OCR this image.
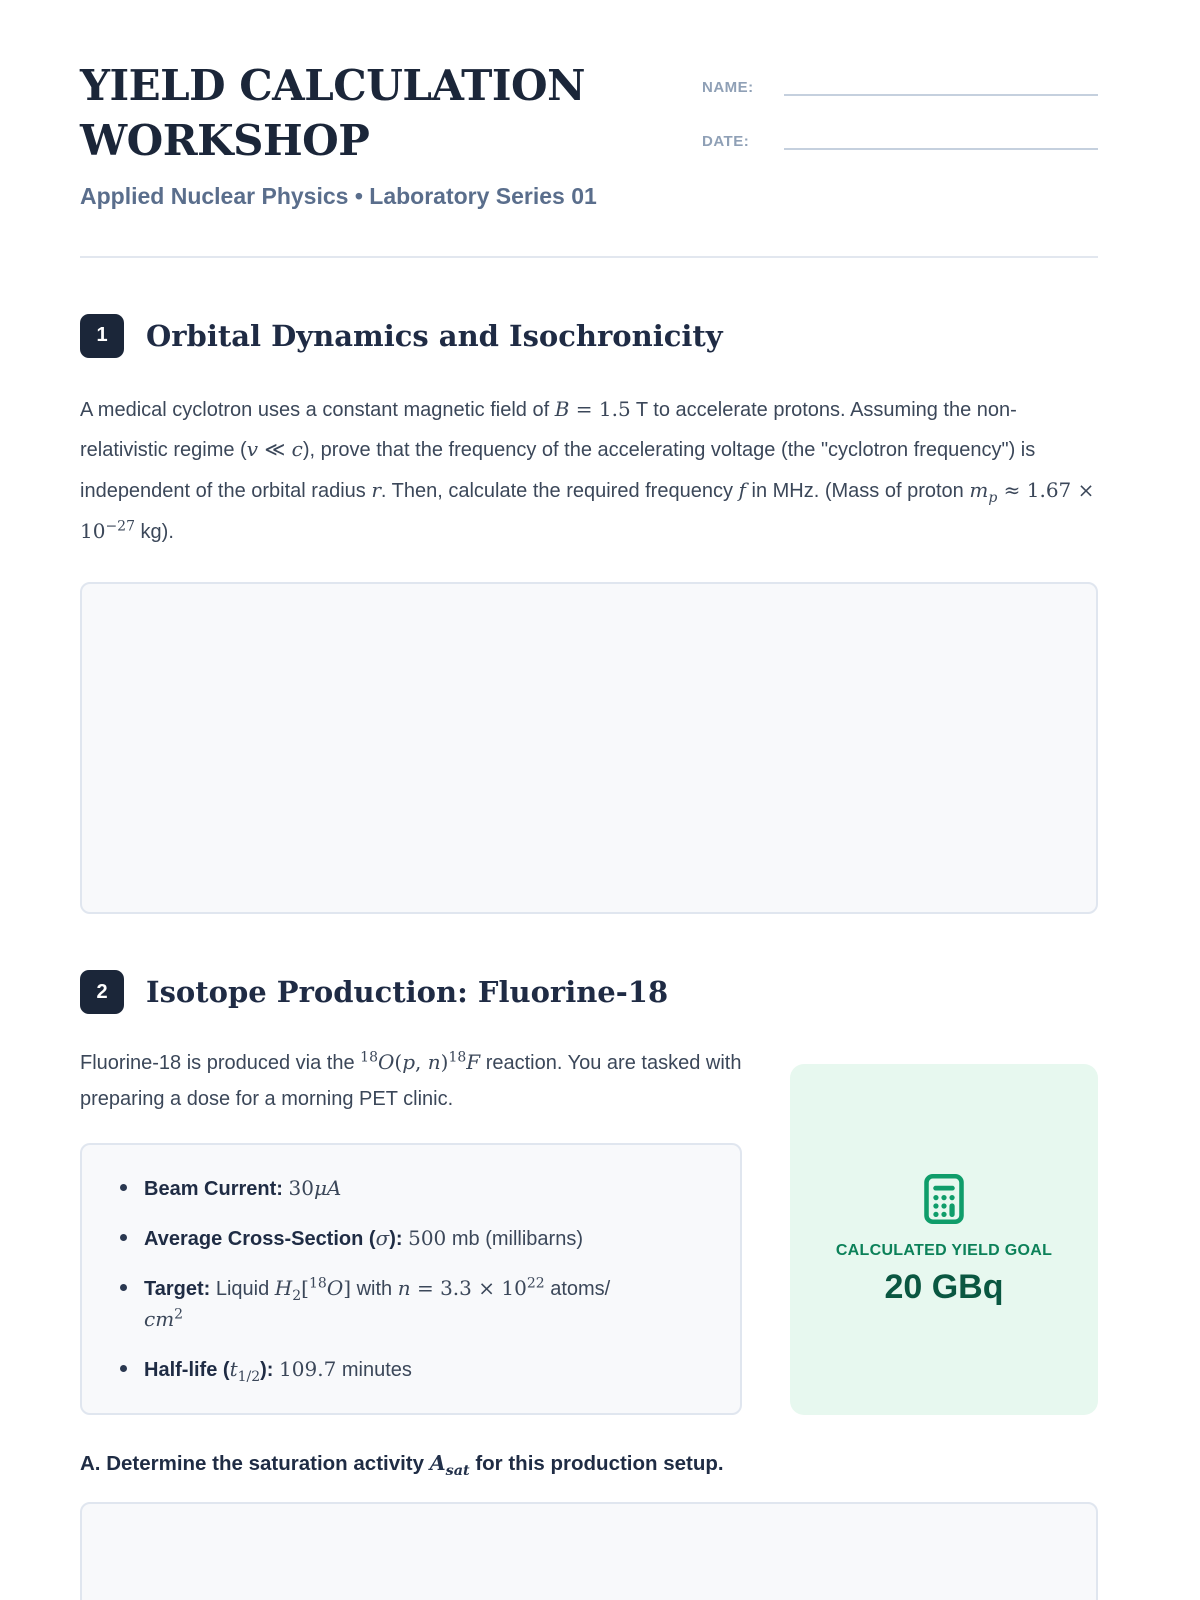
YIELD CALCULATION WORKSHOP

Applied Nuclear Physics • Laboratory Series 01

NAME:
DATE:
1	Orbital Dynamics and Isochronicity

A medical cyclotron uses a constant magnetic field of B = 1.5 T to accelerate protons. Assuming the non-relativistic regime (v ≪ c), prove that the frequency of the accelerating voltage (the "cyclotron frequency") is independent of the orbital radius r. Then, calculate the required frequency f in MHz. (Mass of proton $m_p \approx 1.67 \times 10^{-27}$ kg).

2	Isotope Production: Fluorine-18

Fluorine-18 is produced via the $^{18}$O(p, n)$^{18}$F reaction. You are tasked with preparing a dose for a morning PET clinic.

Beam Current: 30μA
Average Cross-Section (σ): 500 mb (millibarns)
Target: Liquid $H_2[^{18}O]$ with $n = 3.3 \times 10^{22}$ atoms/
$cm^2$
Half-life $(t_{1/2})$: 109.7 minutes
CALCULATED YIELD GOAL
20 GBq

A. Determine the saturation activity $A_{sat}$ for this production setup.
